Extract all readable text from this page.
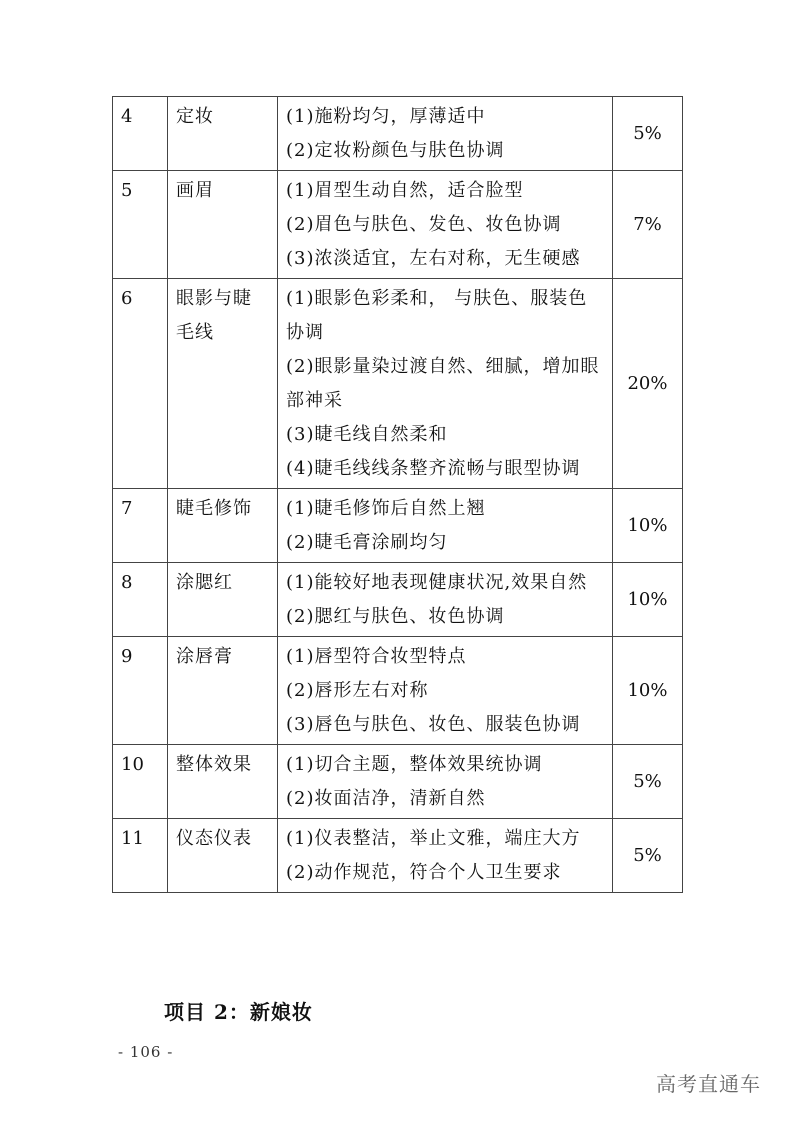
4	定妆	(1)施粉均匀，厚薄适中
(2)定妆粉颜色与肤色协调	5%
5	画眉	(1)眉型生动自然，适合脸型
(2)眉色与肤色、发色、妆色协调
(3)浓淡适宜，左右对称，无生硬感	7%
6	眼影与睫毛线	(1)眼影色彩柔和， 与肤色、服装色协调
(2)眼影量染过渡自然、细腻，增加眼部神采
(3)睫毛线自然柔和
(4)睫毛线线条整齐流畅与眼型协调	20%
7	睫毛修饰	(1)睫毛修饰后自然上翘
(2)睫毛膏涂刷均匀	10%
8	涂腮红	(1)能较好地表现健康状况,效果自然
(2)腮红与肤色、妆色协调	10%
9	涂唇膏	(1)唇型符合妆型特点
(2)唇形左右对称
(3)唇色与肤色、妆色、服装色协调	10%
10	整体效果	(1)切合主题，整体效果统协调
(2)妆面洁净，清新自然	5%
11	仪态仪表	(1)仪表整洁，举止文雅，端庄大方
(2)动作规范，符合个人卫生要求	5%
项目 2：新娘妆
- 106 -
高考直通车
